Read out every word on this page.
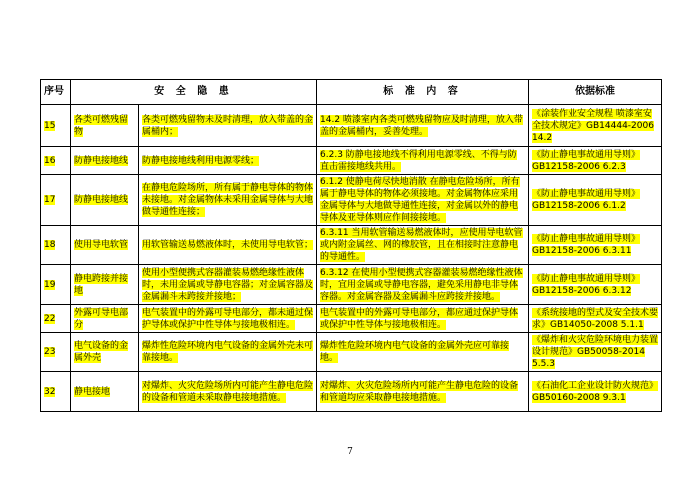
序号	安 全 隐 患		标 准 内 容	依据标准
15	各类可燃残留物	各类可燃残留物未及时清理，放入带盖的金属桶内；	14.2 喷漆室内各类可燃残留物应及时清理，放入带盖的金属桶内，妥善处理。	《涂装作业安全规程 喷漆室安全技术规定》GB14444-2006 14.2
16	防静电接地线	防静电接地线利用电源零线；	6.2.3 防静电接地线不得利用电源零线、不得与防直击雷接地线共用。	《防止静电事故通用导则》GB12158-2006 6.2.3
17	防静电接地线	在静电危险场所，所有属于静电导体的物体未接地。对金属物体未采用金属导体与大地做导通性连接；	6.1.2 使静电荷尽快地消散 在静电危险场所，所有属于静电导体的物体必须接地。对金属物体应采用金属导体与大地做导通性连接，对金属以外的静电导体及亚导体则应作间接接地。	《防止静电事故通用导则》GB12158-2006 6.1.2
18	使用导电软管	用软管输送易燃液体时，未使用导电软管；	6.3.11 当用软管输送易燃液体时，应使用导电软管或内附金属丝、网的橡胶管，且在相接时注意静电的导通性。	《防止静电事故通用导则》GB12158-2006 6.3.11
19	静电跨接并接地	使用小型便携式容器灌装易燃绝缘性液体时，未用金属或导静电容器；对金属容器及金属漏斗未跨接并接地；	6.3.12 在使用小型便携式容器灌装易燃绝缘性液体时，宜用金属或导静电容器，避免采用静电非导体容器。对金属容器及金属漏斗应跨接并接地。	《防止静电事故通用导则》GB12158-2006 6.3.12
22	外露可导电部分	电气装置中的外露可导电部分，都未通过保护导体或保护中性导体与接地极相连。	电气装置中的外露可导电部分，都应通过保护导体或保护中性导体与接地极相连。	《系统接地的型式及安全技术要求》GB14050-2008 5.1.1
23	电气设备的金属外壳	爆炸性危险环境内电气设备的金属外壳未可靠接地。	爆炸性危险环境内电气设备的金属外壳应可靠接地。	《爆炸和火灾危险环境电力装置设计规范》GB50058-2014 5.5.3
32	静电接地	对爆炸、火灾危险场所内可能产生静电危险的设备和管道未采取静电接地措施。	对爆炸、火灾危险场所内可能产生静电危险的设备和管道均应采取静电接地措施。	《石油化工企业设计防火规范》GB50160-2008 9.3.1
7
